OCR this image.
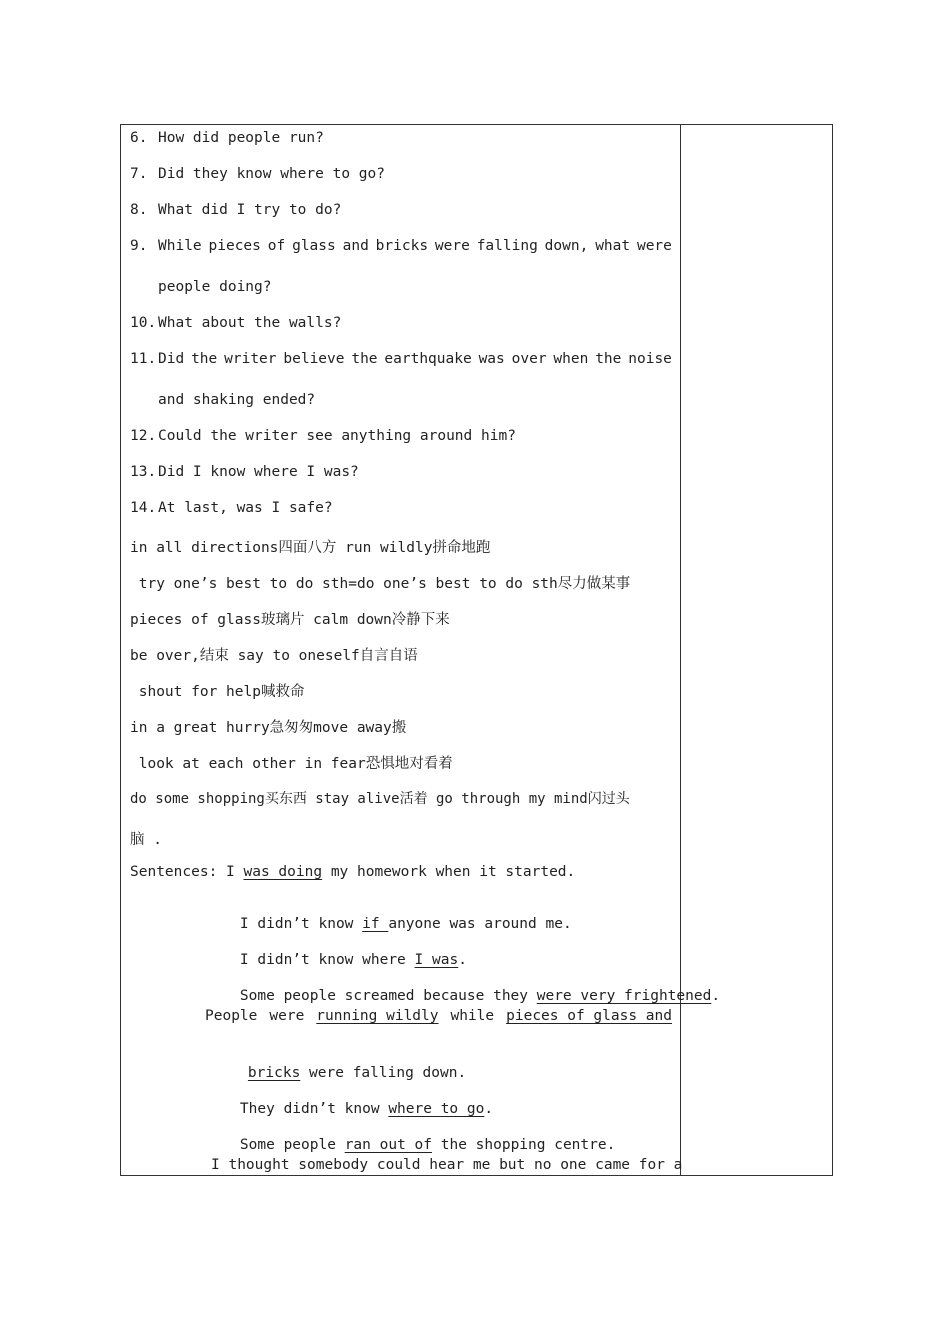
6. How did people run?
7. Did they know where to go?
8. What did I try to do?
9. While pieces of glass and bricks were falling down, what were
people doing?
10. What about the walls?
11. Did the writer believe the earthquake was over when the noise
and shaking ended?
12. Could the writer see anything around him?
13. Did I know where I was?
14. At last, was I safe?
in all directions四面八方 run wildly拼命地跑
try one’s best to do sth=do one’s best to do sth尽力做某事
pieces of glass玻璃片 calm down冷静下来
be over,结束 say to oneself自言自语
shout for help喊救命
in a great hurry急匆匆move away搬
look at each other in fear恐惧地对看着
do some shopping买东西 stay alive活着 go through my mind闪过头
脑 .
Sentences: I was doing my homework when it started.

I didn’t know if anyone was around me.

I didn’t know where I was.

Some people screamed because they were very frightened.

People were running wildly while pieces of glass and

bricks were falling down.

They didn’t know where to go.

Some people ran out of the shopping centre.

I thought somebody could hear me but no one came for a
